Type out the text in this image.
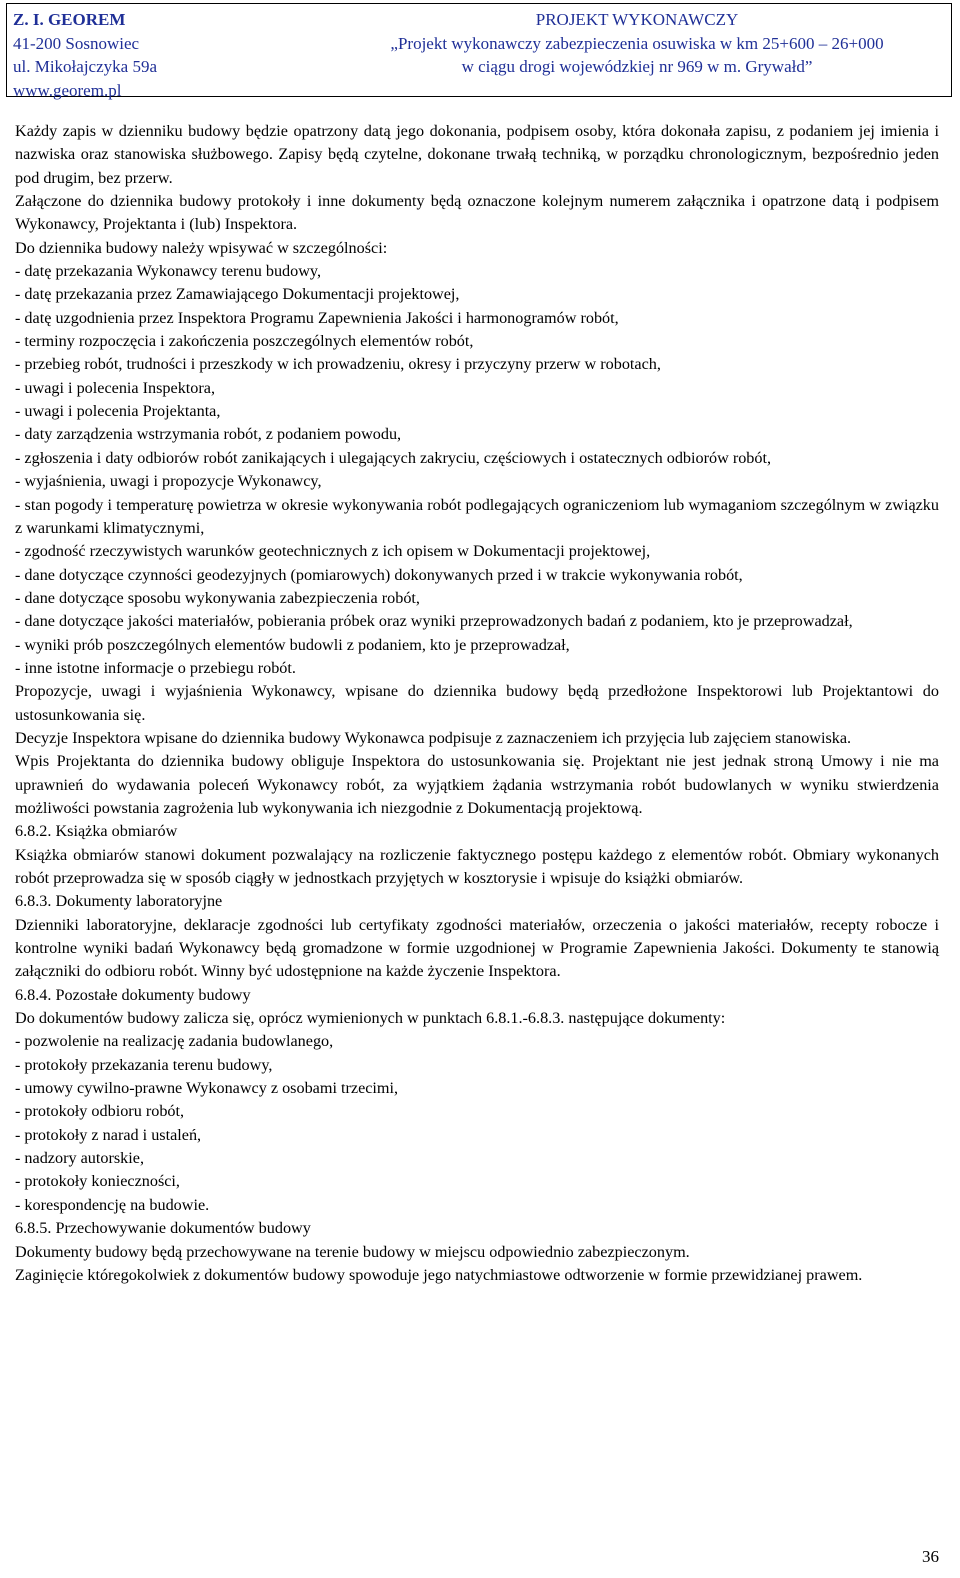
Z. I. GEOREM
41-200 Sosnowiec
ul. Mikołajczyka 59a
www.georem.pl
PROJEKT WYKONAWCZY
„Projekt wykonawczy zabezpieczenia osuwiska w km 25+600 – 26+000
w ciągu drogi wojewódzkiej nr 969 w m. Grywałd”

Każdy zapis w dzienniku budowy będzie opatrzony datą jego dokonania, podpisem osoby, która dokonała zapisu, z podaniem jej imienia i nazwiska oraz stanowiska służbowego. Zapisy będą czytelne, dokonane trwałą techniką, w porządku chronologicznym, bezpośrednio jeden pod drugim, bez przerw.

Załączone do dziennika budowy protokoły i inne dokumenty będą oznaczone kolejnym numerem załącznika i opatrzone datą i podpisem Wykonawcy, Projektanta i (lub) Inspektora.

Do dziennika budowy należy wpisywać w szczególności:

- datę przekazania Wykonawcy terenu budowy,

- datę przekazania przez Zamawiającego Dokumentacji projektowej,

- datę uzgodnienia przez Inspektora Programu Zapewnienia Jakości i harmonogramów robót,

- terminy rozpoczęcia i zakończenia poszczególnych elementów robót,

- przebieg robót, trudności i przeszkody w ich prowadzeniu, okresy i przyczyny przerw w robotach,

- uwagi i polecenia Inspektora,

- uwagi i polecenia Projektanta,

- daty zarządzenia wstrzymania robót, z podaniem powodu,

- zgłoszenia i daty odbiorów robót zanikających i ulegających zakryciu, częściowych i ostatecznych odbiorów robót,

- wyjaśnienia, uwagi i propozycje Wykonawcy,

- stan pogody i temperaturę powietrza w okresie wykonywania robót podlegających ograniczeniom lub wymaganiom szczególnym w związku z warunkami klimatycznymi,

- zgodność rzeczywistych warunków geotechnicznych z ich opisem w Dokumentacji projektowej,

- dane dotyczące czynności geodezyjnych (pomiarowych) dokonywanych przed i w trakcie wykonywania robót,

- dane dotyczące sposobu wykonywania zabezpieczenia robót,

- dane dotyczące jakości materiałów, pobierania próbek oraz wyniki przeprowadzonych badań z podaniem, kto je przeprowadzał,

- wyniki prób poszczególnych elementów budowli z podaniem, kto je przeprowadzał,

- inne istotne informacje o przebiegu robót.

Propozycje, uwagi i wyjaśnienia Wykonawcy, wpisane do dziennika budowy będą przedłożone Inspektorowi lub Projektantowi do ustosunkowania się.

Decyzje Inspektora wpisane do dziennika budowy Wykonawca podpisuje z zaznaczeniem ich przyjęcia lub zajęciem stanowiska.

Wpis Projektanta do dziennika budowy obliguje Inspektora do ustosunkowania się. Projektant nie jest jednak stroną Umowy i nie ma uprawnień do wydawania poleceń Wykonawcy robót, za wyjątkiem żądania wstrzymania robót budowlanych w wyniku stwierdzenia możliwości powstania zagrożenia lub wykonywania ich niezgodnie z Dokumentacją projektową.

6.8.2. Książka obmiarów

Książka obmiarów stanowi dokument pozwalający na rozliczenie faktycznego postępu każdego z elementów robót. Obmiary wykonanych robót przeprowadza się w sposób ciągły w jednostkach przyjętych w kosztorysie i wpisuje do książki obmiarów.

6.8.3. Dokumenty laboratoryjne

Dzienniki laboratoryjne, deklaracje zgodności lub certyfikaty zgodności materiałów, orzeczenia o jakości materiałów, recepty robocze i kontrolne wyniki badań Wykonawcy będą gromadzone w formie uzgodnionej w Programie Zapewnienia Jakości. Dokumenty te stanowią załączniki do odbioru robót. Winny być udostępnione na każde życzenie Inspektora.

6.8.4. Pozostałe dokumenty budowy

Do dokumentów budowy zalicza się, oprócz wymienionych w punktach 6.8.1.-6.8.3. następujące dokumenty:

- pozwolenie na realizację zadania budowlanego,

- protokoły przekazania terenu budowy,

- umowy cywilno-prawne Wykonawcy z osobami trzecimi,

- protokoły odbioru robót,

- protokoły z narad i ustaleń,

- nadzory autorskie,

- protokoły konieczności,

- korespondencję na budowie.

6.8.5. Przechowywanie dokumentów budowy

Dokumenty budowy będą przechowywane na terenie budowy w miejscu odpowiednio zabezpieczonym.

Zaginięcie któregokolwiek z dokumentów budowy spowoduje jego natychmiastowe odtworzenie w formie przewidzianej prawem.

36
